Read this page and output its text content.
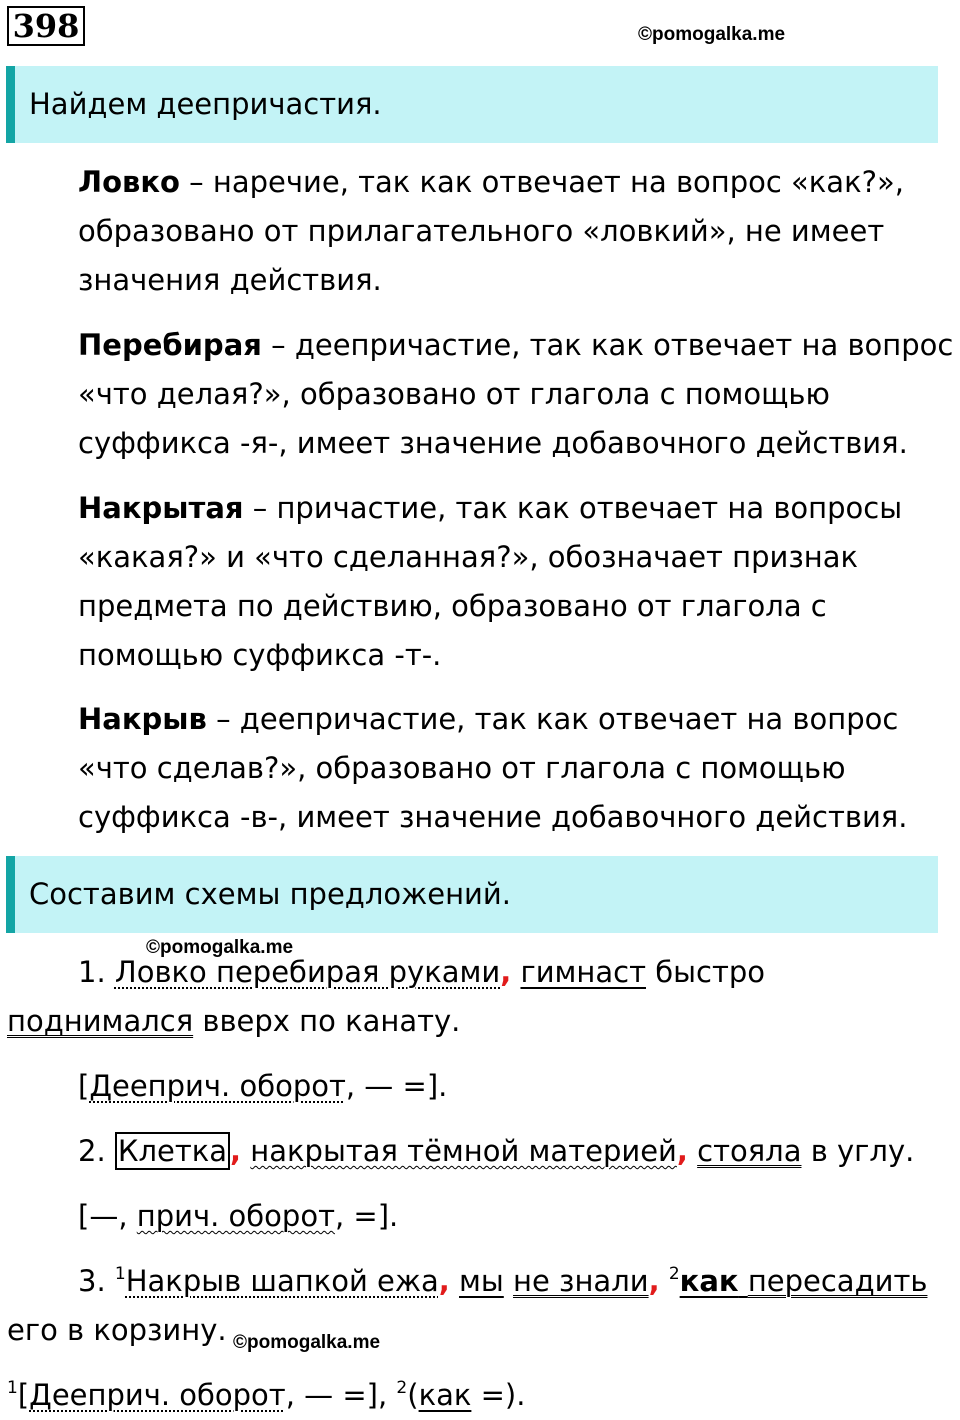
398	©pomogalka.me
Найдем деепричастия.

Ловко – наречие, так как отвечает на вопрос «как?», образовано от прилагательного «ловкий», не имеет значения действия.

Перебирая – деепричастие, так как отвечает на вопрос «что делая?», образовано от глагола с помощью суффикса -я-, имеет значение добавочного действия.

Накрытая – причастие, так как отвечает на вопросы «какая?» и «что сделанная?», обозначает признак предмета по действию, образовано от глагола с помощью суффикса -т-.

Накрыв – деепричастие, так как отвечает на вопрос «что сделав?», образовано от глагола с помощью суффикса -в-, имеет значение добавочного действия.

Составим схемы предложений.
©pomogalka.me
1. Ловко перебирая руками, гимнаст быстро
поднимался вверх по канату.
[Дееприч. оборот, — =].
2. Клетка , накрытая тёмной материей, стояла в углу.
[—, прич. оборот, =].
3. $^1$Накрыв шапкой ежа, мы не знали, $^2$как пересадить
его в корзину. ©pomogalka.me
$^1$[Дееприч. оборот, — =], $^2$(как =).
